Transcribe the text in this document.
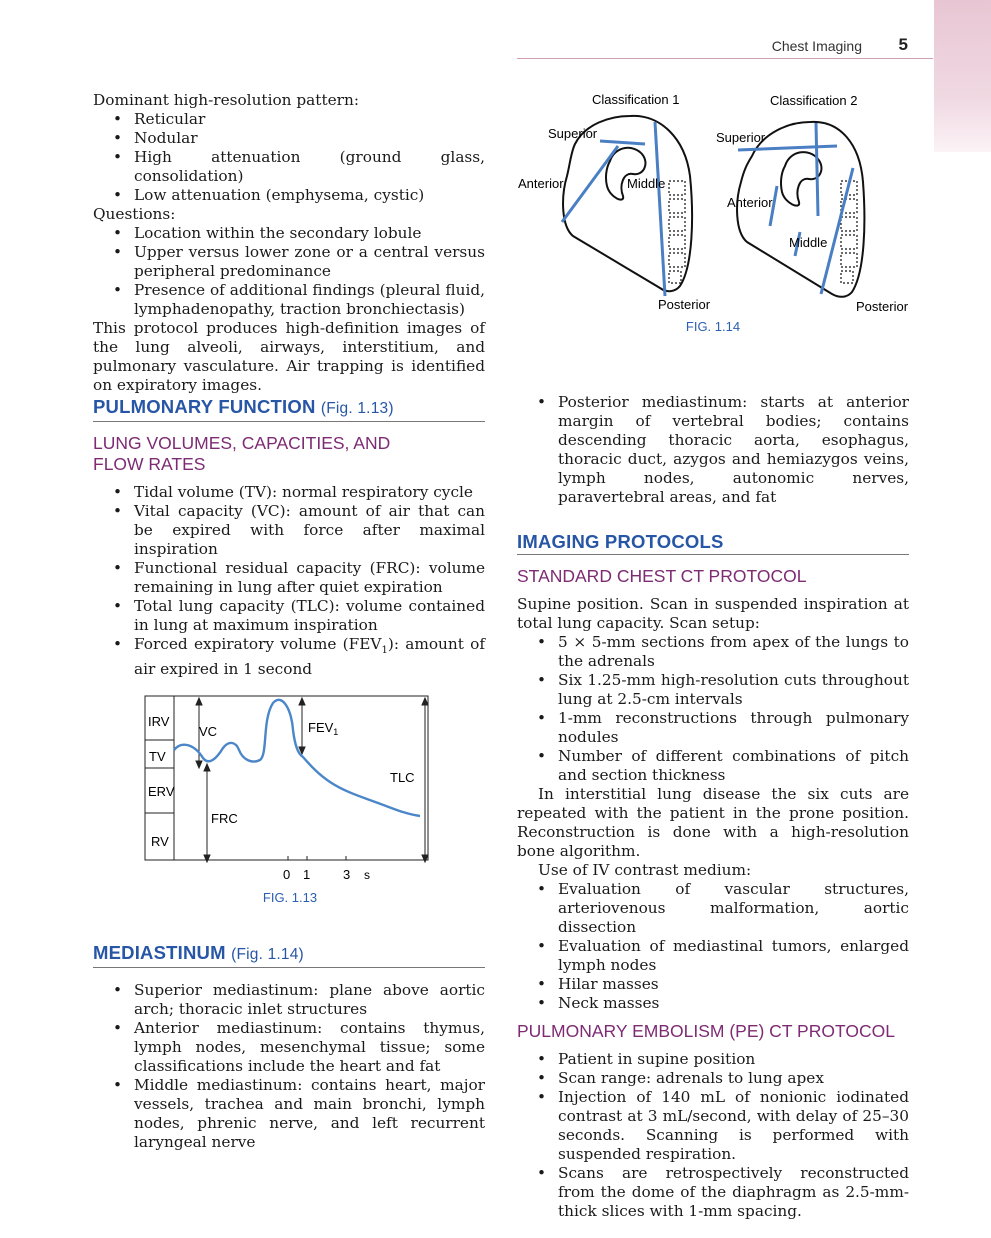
Chest Imaging 5

Dominant high-resolution pattern:

• Reticular
• Nodular
• High attenuation (ground glass, consolidation)
• Low attenuation (emphysema, cystic)

Questions:

• Location within the secondary lobule
• Upper versus lower zone or a central versus peripheral predominance
• Presence of additional findings (pleural fluid, lymphadenopathy, traction bronchiectasis)

This protocol produces high-definition images of the lung alveoli, airways, interstitium, and pulmonary vasculature. Air trapping is identified on expiratory images.

PULMONARY FUNCTION (Fig. 1.13)
LUNG VOLUMES, CAPACITIES, AND
FLOW RATES
• Tidal volume (TV): normal respiratory cycle
• Vital capacity (VC): amount of air that can be expired with force after maximal inspiration
• Functional residual capacity (FRC): volume remaining in lung after quiet expiration
• Total lung capacity (TLC): volume contained in lung at maximum inspiration
• Forced expiratory volume $(FEV_1)$: amount of air expired in 1 second
IRV
TV
ERV
RV
VC
FRC
TLC
$FEV_1$
0 1	3 s
FIG. 1.13
MEDIASTINUM (Fig. 1.14)
• Superior mediastinum: plane above aortic arch; thoracic inlet structures
• Anterior mediastinum: contains thymus, lymph nodes, mesenchymal tissue; some classifications include the heart and fat
• Middle mediastinum: contains heart, major vessels, trachea and main bronchi, lymph nodes, phrenic nerve, and left recurrent laryngeal nerve
Classification 1
Superior
Anterior	Middle
Posterior
Classification 2
Superior
Anterior
Middle
Posterior
FIG. 1.14
• Posterior mediastinum: starts at anterior margin of vertebral bodies; contains descending thoracic aorta, esophagus, thoracic duct, azygos and hemiazygos veins, lymph nodes, autonomic nerves, paravertebral areas, and fat
IMAGING PROTOCOLS
STANDARD CHEST CT PROTOCOL

Supine position. Scan in suspended inspiration at total lung capacity. Scan setup:

• 5 × 5-mm sections from apex of the lungs to the adrenals
• Six 1.25-mm high-resolution cuts throughout lung at 2.5-cm intervals
• 1-mm reconstructions through pulmonary nodules
• Number of different combinations of pitch and section thickness

In interstitial lung disease the six cuts are repeated with the patient in the prone position. Reconstruction is done with a high-resolution bone algorithm.

Use of IV contrast medium:

• Evaluation of vascular structures, arteriovenous malformation, aortic dissection
• Evaluation of mediastinal tumors, enlarged lymph nodes
• Hilar masses
• Neck masses
PULMONARY EMBOLISM (PE) CT PROTOCOL
• Patient in supine position
• Scan range: adrenals to lung apex
• Injection of 140 mL of nonionic iodinated contrast at 3 mL/second, with delay of 25–30 seconds. Scanning is performed with suspended respiration.
• Scans are retrospectively reconstructed from the dome of the diaphragm as 2.5-mm-thick slices with 1-mm spacing.
